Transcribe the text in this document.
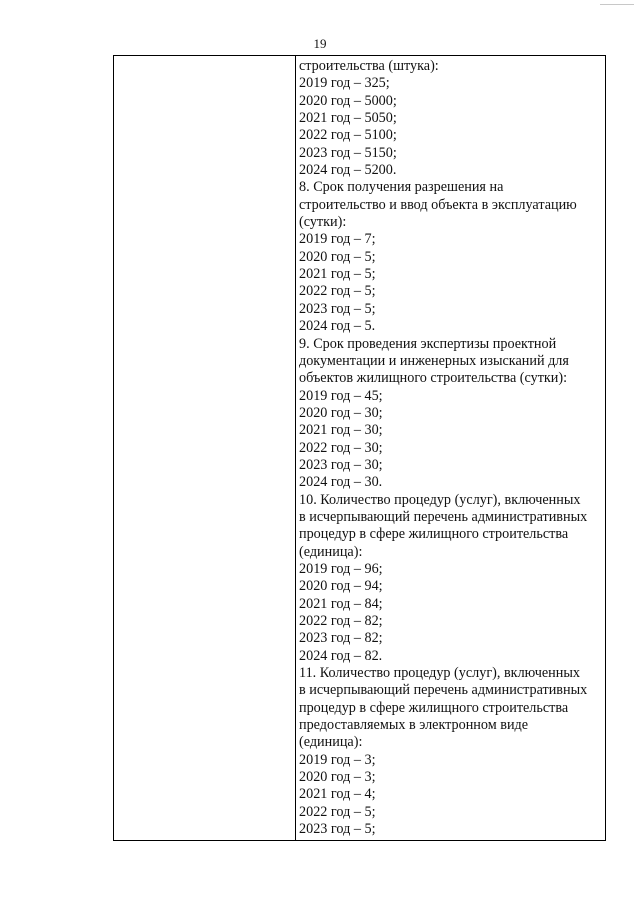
19

строительства (штука):
2019 год – 325;
2020 год – 5000;
2021 год – 5050;
2022 год – 5100;
2023 год – 5150;
2024 год – 5200.
8. Срок получения разрешения на
строительство и ввод объекта в эксплуатацию
(сутки):
2019 год – 7;
2020 год – 5;
2021 год – 5;
2022 год – 5;
2023 год – 5;
2024 год – 5.
9. Срок проведения экспертизы проектной
документации и инженерных изысканий для
объектов жилищного строительства (сутки):
2019 год – 45;
2020 год – 30;
2021 год – 30;
2022 год – 30;
2023 год – 30;
2024 год – 30.
10. Количество процедур (услуг), включенных
в исчерпывающий перечень административных
процедур в сфере жилищного строительства
(единица):
2019 год – 96;
2020 год – 94;
2021 год – 84;
2022 год – 82;
2023 год – 82;
2024 год – 82.
11. Количество процедур (услуг), включенных
в исчерпывающий перечень административных
процедур в сфере жилищного строительства
предоставляемых в электронном виде
(единица):
2019 год – 3;
2020 год – 3;
2021 год – 4;
2022 год – 5;
2023 год – 5;
